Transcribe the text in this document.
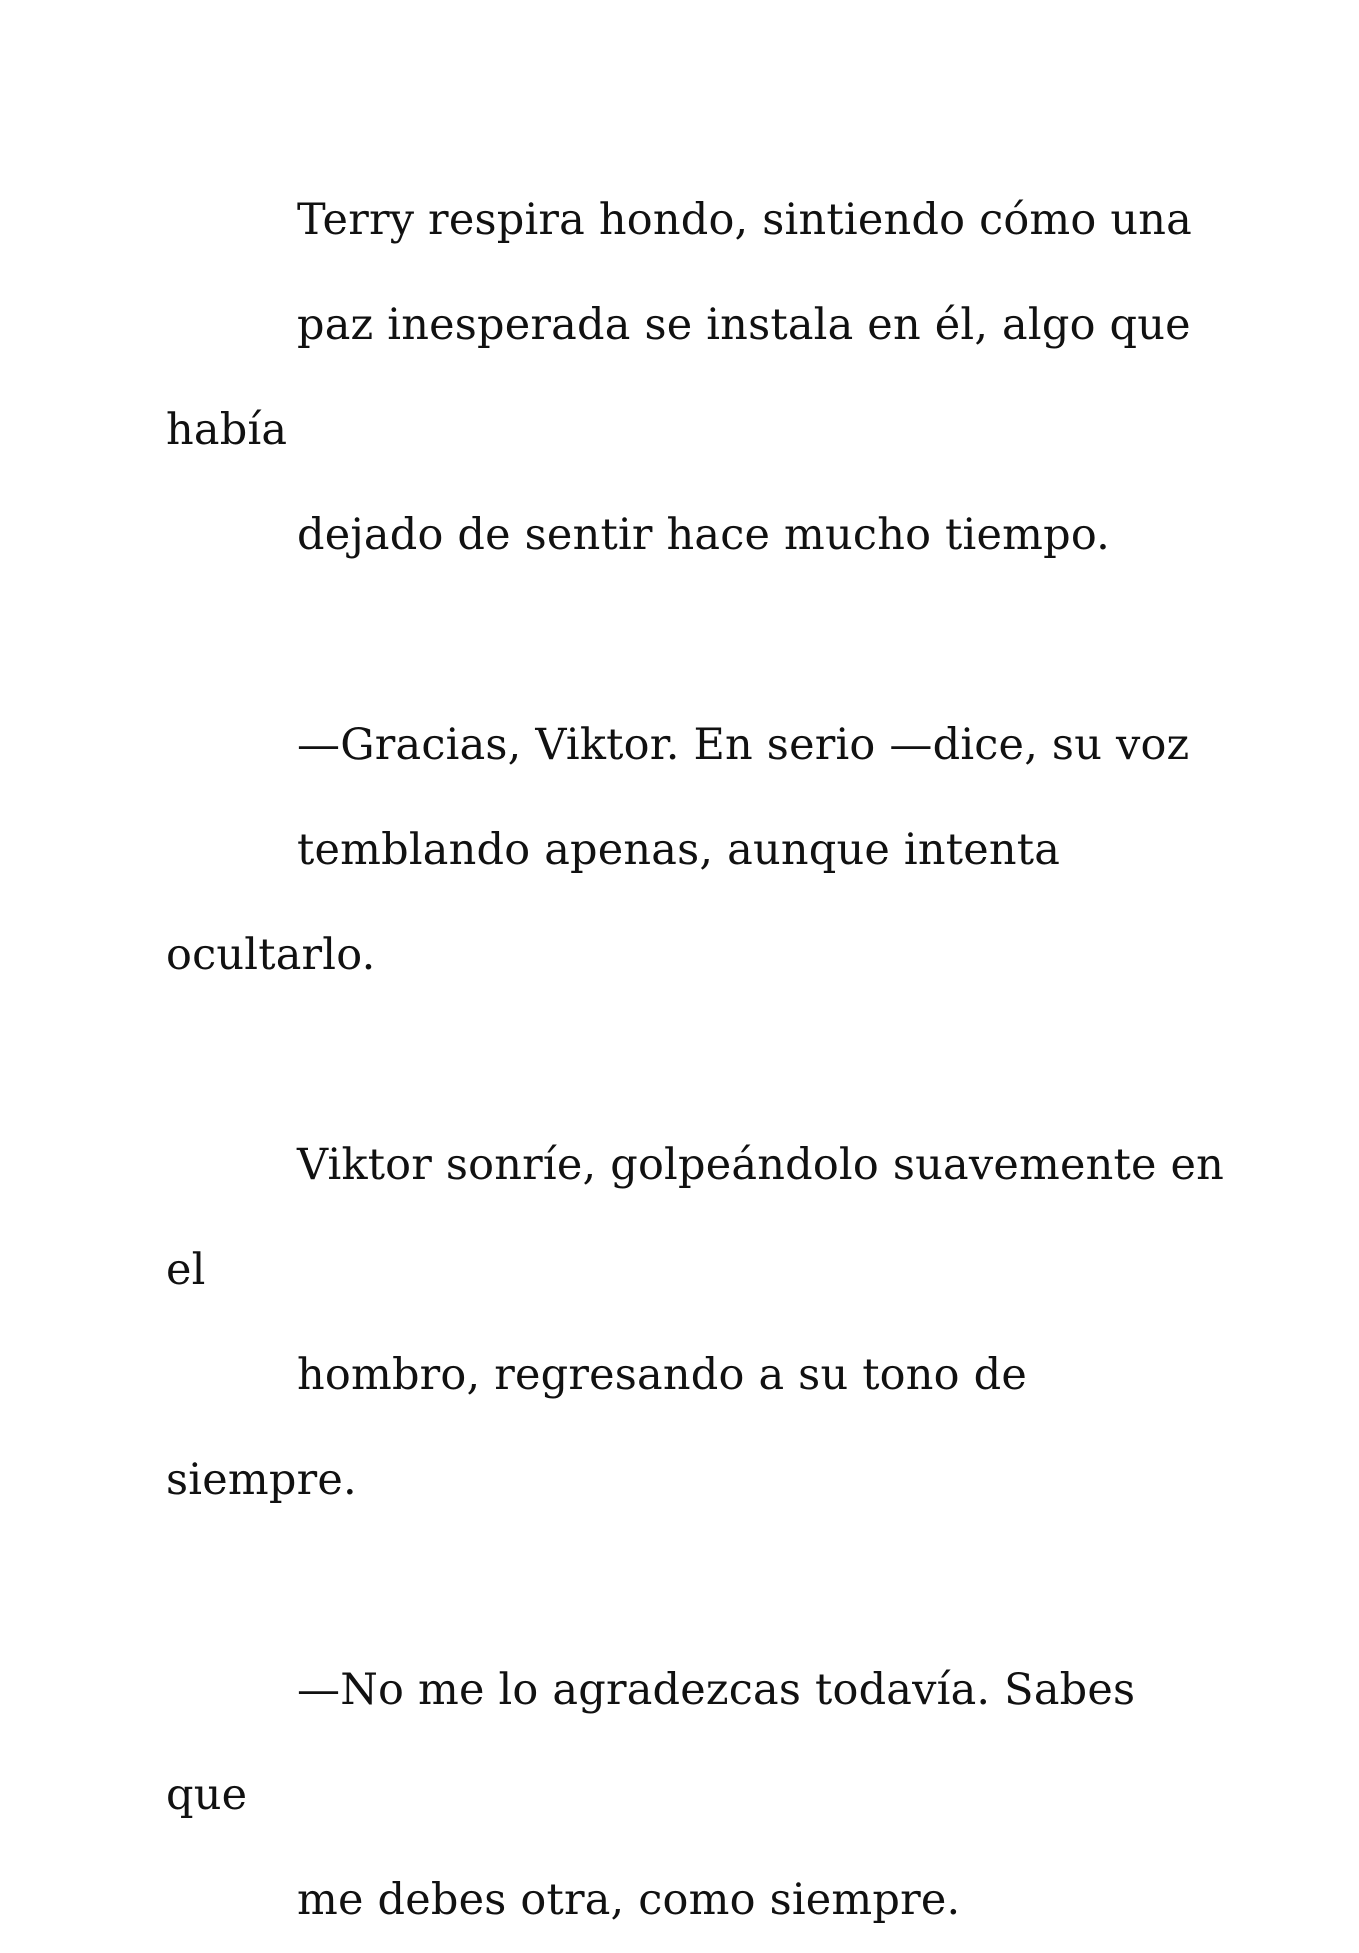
Terry respira hondo, sintiendo cómo una
paz inesperada se instala en él, algo que había
dejado de sentir hace mucho tiempo.

—Gracias, Viktor. En serio —dice, su voz
temblando apenas, aunque intenta ocultarlo.

Viktor sonríe, golpeándolo suavemente en el
hombro, regresando a su tono de siempre.

—No me lo agradezcas todavía. Sabes que
me debes otra, como siempre.
